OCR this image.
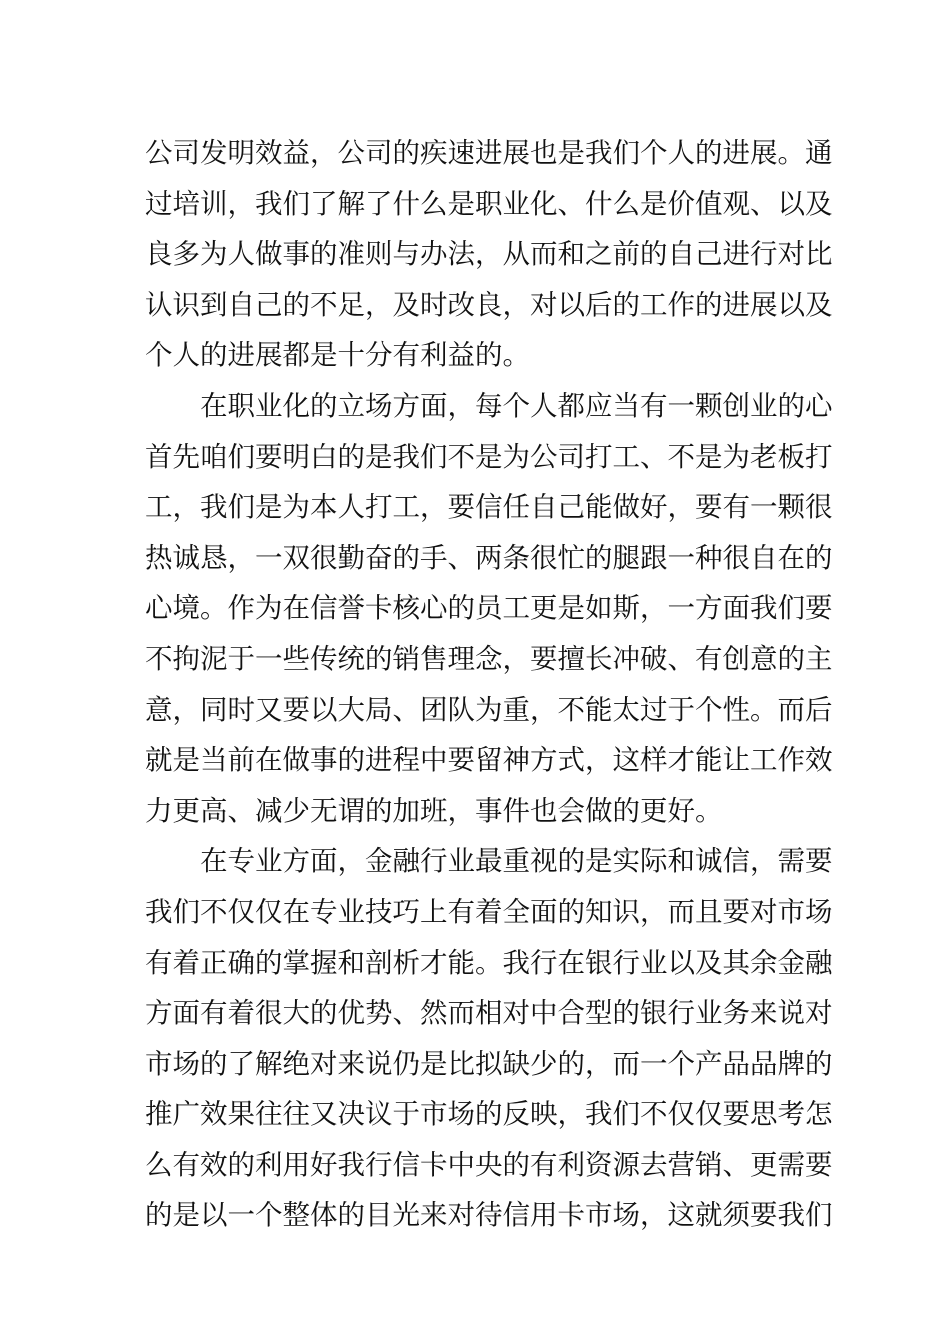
公司发明效益，公司的疾速进展也是我们个人的进展。通
过培训，我们了解了什么是职业化、什么是价值观、以及
良多为人做事的准则与办法，从而和之前的自己进行对比
认识到自己的不足，及时改良，对以后的工作的进展以及
个人的进展都是十分有利益的。
在职业化的立场方面，每个人都应当有一颗创业的心
首先咱们要明白的是我们不是为公司打工、不是为老板打
工，我们是为本人打工，要信任自己能做好，要有一颗很
热诚恳，一双很勤奋的手、两条很忙的腿跟一种很自在的
心境。作为在信誉卡核心的员工更是如斯，一方面我们要
不拘泥于一些传统的销售理念，要擅长冲破、有创意的主
意，同时又要以大局、团队为重，不能太过于个性。而后
就是当前在做事的进程中要留神方式，这样才能让工作效
力更高、减少无谓的加班，事件也会做的更好。
在专业方面，金融行业最重视的是实际和诚信，需要
我们不仅仅在专业技巧上有着全面的知识，而且要对市场
有着正确的掌握和剖析才能。我行在银行业以及其余金融
方面有着很大的优势、然而相对中合型的银行业务来说对
市场的了解绝对来说仍是比拟缺少的，而一个产品品牌的
推广效果往往又决议于市场的反映，我们不仅仅要思考怎
么有效的利用好我行信卡中央的有利资源去营销、更需要
的是以一个整体的目光来对待信用卡市场，这就须要我们
